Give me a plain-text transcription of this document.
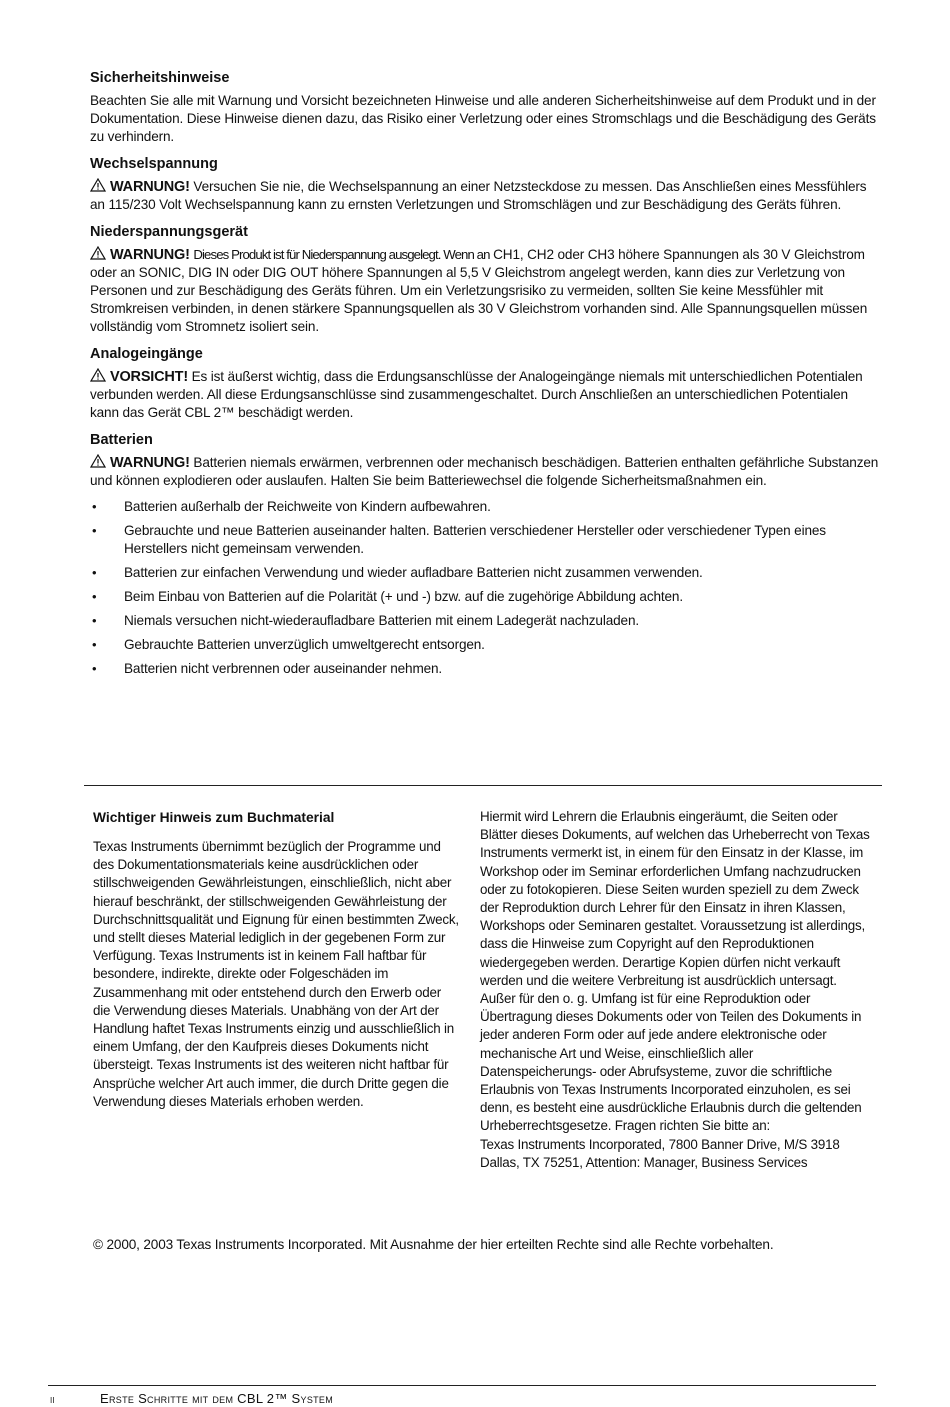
Sicherheitshinweise

Beachten Sie alle mit Warnung und Vorsicht bezeichneten Hinweise und alle anderen Sicherheitshinweise auf dem Produkt und in der Dokumentation. Diese Hinweise dienen dazu, das Risiko einer Verletzung oder eines Stromschlags und die Beschädigung des Geräts zu verhindern.

Wechselspannung

WARNUNG! Versuchen Sie nie, die Wechselspannung an einer Netzsteckdose zu messen. Das Anschließen eines Messfühlers an 115/230 Volt Wechselspannung kann zu ernsten Verletzungen und Stromschlägen und zur Beschädigung des Geräts führen.

Niederspannungsgerät

WARNUNG! Dieses Produkt ist für Niederspannung ausgelegt. Wenn an CH1, CH2 oder CH3 höhere Spannungen als 30 V Gleichstrom oder an SONIC, DIG IN oder DIG OUT höhere Spannungen al 5,5 V Gleichstrom angelegt werden, kann dies zur Verletzung von Personen und zur Beschädigung des Geräts führen. Um ein Verletzungsrisiko zu vermeiden, sollten Sie keine Messfühler mit Stromkreisen verbinden, in denen stärkere Spannungsquellen als 30 V Gleichstrom vorhanden sind. Alle Spannungsquellen müssen vollständig vom Stromnetz isoliert sein.

Analogeingänge

VORSICHT! Es ist äußerst wichtig, dass die Erdungsanschlüsse der Analogeingänge niemals mit unterschiedlichen Potentialen verbunden werden. All diese Erdungsanschlüsse sind zusammengeschaltet. Durch Anschließen an unterschiedlichen Potentialen kann das Gerät CBL 2™ beschädigt werden.

Batterien

WARNUNG! Batterien niemals erwärmen, verbrennen oder mechanisch beschädigen. Batterien enthalten gefährliche Substanzen und können explodieren oder auslaufen. Halten Sie beim Batteriewechsel die folgende Sicherheitsmaßnahmen ein.

• Batterien außerhalb der Reichweite von Kindern aufbewahren.
• Gebrauchte und neue Batterien auseinander halten. Batterien verschiedener Hersteller oder verschiedener Typen eines Herstellers nicht gemeinsam verwenden.
• Batterien zur einfachen Verwendung und wieder aufladbare Batterien nicht zusammen verwenden.
• Beim Einbau von Batterien auf die Polarität (+ und -) bzw. auf die zugehörige Abbildung achten.
• Niemals versuchen nicht-wiederaufladbare Batterien mit einem Ladegerät nachzuladen.
• Gebrauchte Batterien unverzüglich umweltgerecht entsorgen.
• Batterien nicht verbrennen oder auseinander nehmen.
Wichtiger Hinweis zum Buchmaterial

Texas Instruments übernimmt bezüglich der Programme und des Dokumentationsmaterials keine ausdrücklichen oder stillschweigenden Gewährleistungen, einschließlich, nicht aber hierauf beschränkt, der stillschweigenden Gewährleistung der Durchschnittsqualität und Eignung für einen bestimmten Zweck, und stellt dieses Material lediglich in der gegebenen Form zur Verfügung. Texas Instruments ist in keinem Fall haftbar für besondere, indirekte, direkte oder Folgeschäden im Zusammenhang mit oder entstehend durch den Erwerb oder die Verwendung dieses Materials. Unabhäng von der Art der Handlung haftet Texas Instruments einzig und ausschließlich in einem Umfang, der den Kaufpreis dieses Dokuments nicht übersteigt. Texas Instruments ist des weiteren nicht haftbar für Ansprüche welcher Art auch immer, die durch Dritte gegen die Verwendung dieses Materials erhoben werden.

Hiermit wird Lehrern die Erlaubnis eingeräumt, die Seiten oder Blätter dieses Dokuments, auf welchen das Urheberrecht von Texas Instruments vermerkt ist, in einem für den Einsatz in der Klasse, im Workshop oder im Seminar erforderlichen Umfang nachzudrucken oder zu fotokopieren. Diese Seiten wurden speziell zu dem Zweck der Reproduktion durch Lehrer für den Einsatz in ihren Klassen, Workshops oder Seminaren gestaltet. Voraussetzung ist allerdings, dass die Hinweise zum Copyright auf den Reproduktionen wiedergegeben werden. Derartige Kopien dürfen nicht verkauft werden und die weitere Verbreitung ist ausdrücklich untersagt. Außer für den o. g. Umfang ist für eine Reproduktion oder Übertragung dieses Dokuments oder von Teilen des Dokuments in jeder anderen Form oder auf jede andere elektronische oder mechanische Art und Weise, einschließlich aller Datenspeicherungs- oder Abrufsysteme, zuvor die schriftliche Erlaubnis von Texas Instruments Incorporated einzuholen, es sei denn, es besteht eine ausdrückliche Erlaubnis durch die geltenden Urheberrechtsgesetze. Fragen richten Sie bitte an:

Texas Instruments Incorporated, 7800 Banner Drive, M/S 3918

Dallas, TX 75251, Attention: Manager, Business Services

© 2000, 2003 Texas Instruments Incorporated. Mit Ausnahme der hier erteilten Rechte sind alle Rechte vorbehalten.
ii	Erste Schritte mit dem CBL 2™ System
